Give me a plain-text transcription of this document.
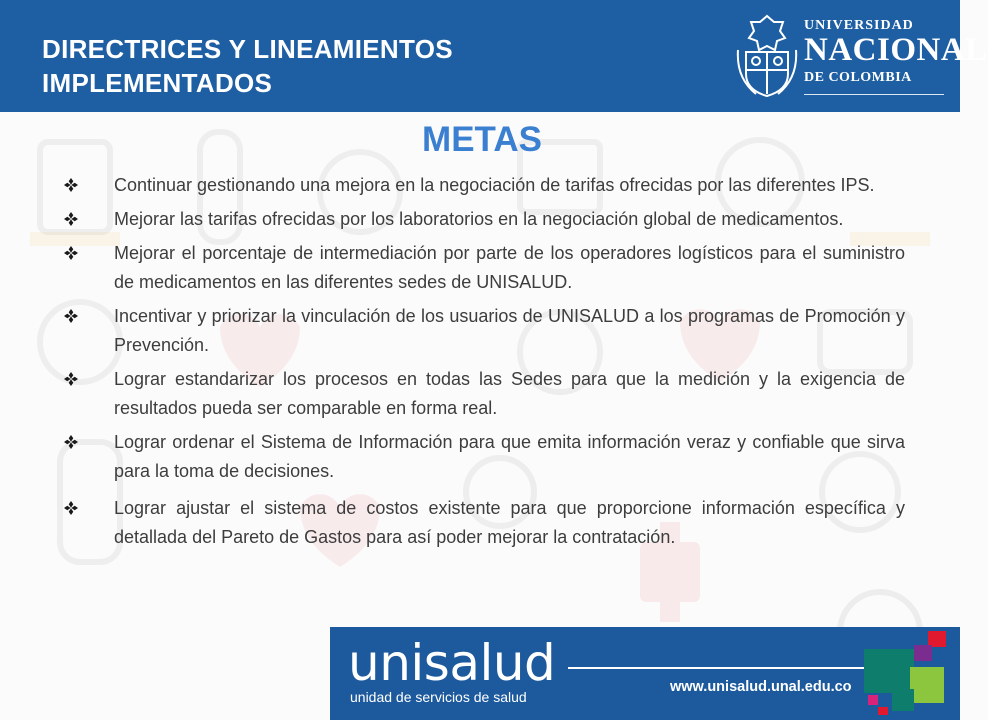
DIRECTRICES Y LINEAMIENTOS
IMPLEMENTADOS
UNIVERSIDAD
NACIONAL
DE COLOMBIA
METAS
Continuar gestionando una mejora en la negociación de tarifas ofrecidas por las diferentes IPS.
Mejorar las tarifas ofrecidas por los laboratorios en la negociación global de medicamentos.
Mejorar el porcentaje de intermediación por parte de los operadores logísticos para el suministro de medicamentos en las diferentes sedes de UNISALUD.
Incentivar y priorizar la vinculación de los usuarios de UNISALUD a los programas de Promoción y Prevención.
Lograr estandarizar los procesos en todas las Sedes para que la medición y la exigencia de resultados pueda ser comparable en forma real.
Lograr ordenar el Sistema de Información para que emita información veraz y confiable que sirva para la toma de decisiones.
Lograr ajustar el sistema de costos existente para que proporcione información específica y detallada del Pareto de Gastos para así poder mejorar la contratación.
unisalud
unidad de servicios de salud
www.unisalud.unal.edu.co
